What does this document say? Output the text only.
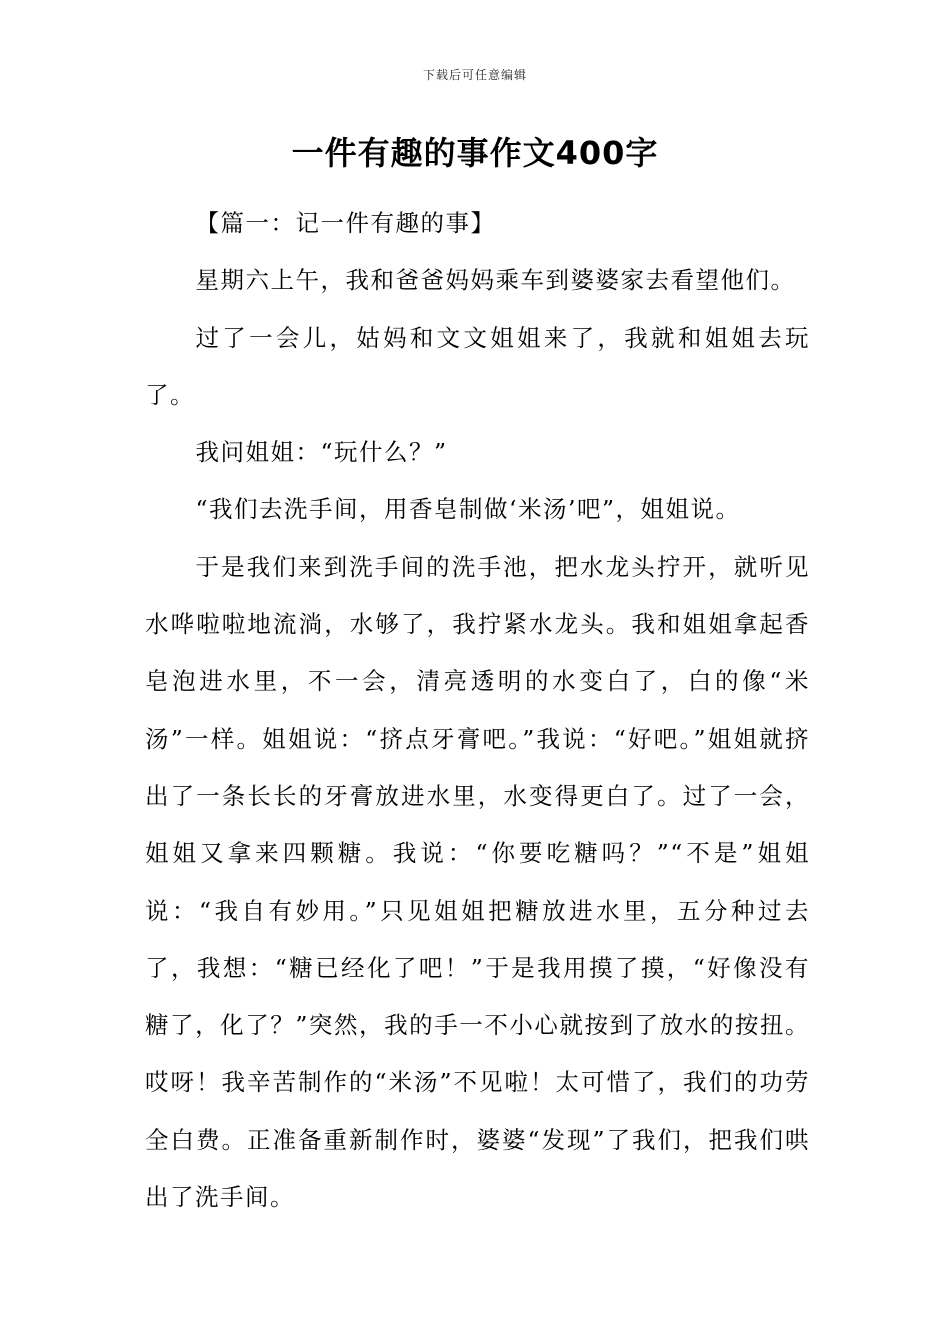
下载后可任意编辑
一件有趣的事作文400字

【篇一：记一件有趣的事】

星期六上午，我和爸爸妈妈乘车到婆婆家去看望他们。

过了一会儿，姑妈和文文姐姐来了，我就和姐姐去玩了。

我问姐姐：“玩什么？”

“我们去洗手间，用香皂制做‘米汤’吧”，姐姐说。

于是我们来到洗手间的洗手池，把水龙头拧开，就听见水哗啦啦地流淌，水够了，我拧紧水龙头。我和姐姐拿起香皂泡进水里，不一会，清亮透明的水变白了，白的像“米汤”一样。姐姐说：“挤点牙膏吧。”我说：“好吧。”姐姐就挤出了一条长长的牙膏放进水里，水变得更白了。过了一会，姐姐又拿来四颗糖。我说：“你要吃糖吗？”“不是”姐姐说：“我自有妙用。”只见姐姐把糖放进水里，五分种过去了，我想：“糖已经化了吧！”于是我用摸了摸，“好像没有糖了，化了？”突然，我的手一不小心就按到了放水的按扭。哎呀！我辛苦制作的“米汤”不见啦！太可惜了，我们的功劳全白费。正准备重新制作时，婆婆“发现”了我们，把我们哄出了洗手间。
